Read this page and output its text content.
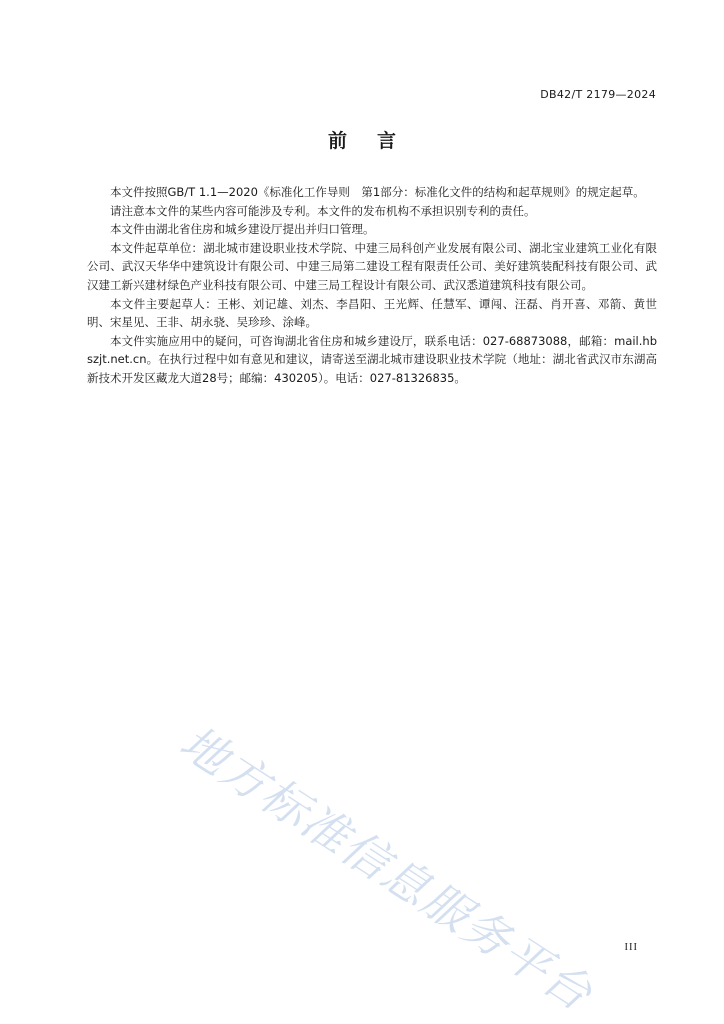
DB42/T 2179—2024
前言

本文件按照GB/T 1.1—2020《标准化工作导则　第1部分：标准化文件的结构和起草规则》的规定起草。

请注意本文件的某些内容可能涉及专利。本文件的发布机构不承担识别专利的责任。

本文件由湖北省住房和城乡建设厅提出并归口管理。

本文件起草单位：湖北城市建设职业技术学院、中建三局科创产业发展有限公司、湖北宝业建筑工业化有限公司、武汉天华华中建筑设计有限公司、中建三局第二建设工程有限责任公司、美好建筑装配科技有限公司、武汉建工新兴建材绿色产业科技有限公司、中建三局工程设计有限公司、武汉悉道建筑科技有限公司。

本文件主要起草人：王彬、刘记雄、刘杰、李昌阳、王光辉、任慧军、谭闯、汪磊、肖开喜、邓箭、黄世明、宋星见、王非、胡永骁、吴珍珍、涂峰。

本文件实施应用中的疑问，可咨询湖北省住房和城乡建设厅，联系电话：027-68873088，邮箱：mail.hbszjt.net.cn。在执行过程中如有意见和建议，请寄送至湖北城市建设职业技术学院（地址：湖北省武汉市东湖高新技术开发区藏龙大道28号；邮编：430205）。电话：027-81326835。

地方标准信息服务平台	III
